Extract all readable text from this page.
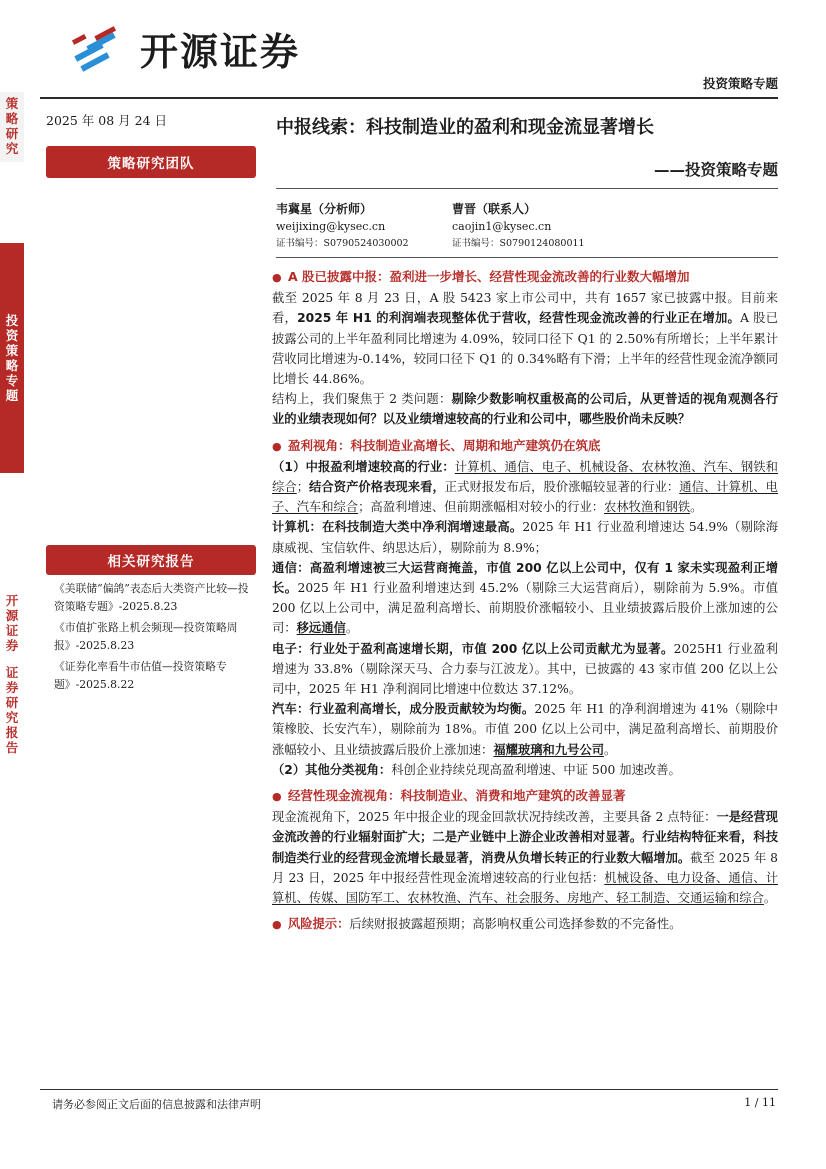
开源证券
投资策略专题
策
略
研
究
投
资
策
略
专
题
开
源
证
券
证
券
研
究
报
告
2025 年 08 月 24 日
策略研究团队
相关研究报告
《美联储“偏鸽”表态后大类资产比较—投资策略专题》-2025.8.23
《市值扩张路上机会频现—投资策略周报》-2025.8.23
《证券化率看牛市估值—投资策略专题》-2025.8.22
中报线索：科技制造业的盈利和现金流显著增长
——投资策略专题
韦冀星（分析师）
weijixing@kysec.cn
证书编号：S0790524030002
曹晋（联系人）
caojin1@kysec.cn
证书编号：S0790124080011
● A 股已披露中报：盈利进一步增长、经营性现金流改善的行业数大幅增加

截至 2025 年 8 月 23 日，A 股 5423 家上市公司中，共有 1657 家已披露中报。目前来看，2025 年 H1 的利润端表现整体优于营收，经营性现金流改善的行业正在增加。A 股已披露公司的上半年盈利同比增速为 4.09%，较同口径下 Q1 的 2.50%有所增长；上半年累计营收同比增速为-0.14%，较同口径下 Q1 的 0.34%略有下滑；上半年的经营性现金流净额同比增长 44.86%。

结构上，我们聚焦于 2 类问题：剔除少数影响权重极高的公司后，从更普适的视角观测各行业的业绩表现如何？以及业绩增速较高的行业和公司中，哪些股价尚未反映？

● 盈利视角：科技制造业高增长、周期和地产建筑仍在筑底

（1）中报盈利增速较高的行业：计算机、通信、电子、机械设备、农林牧渔、汽车、钢铁和综合；结合资产价格表现来看，正式财报发布后，股价涨幅较显著的行业：通信、计算机、电子、汽车和综合；高盈利增速、但前期涨幅相对较小的行业：农林牧渔和钢铁。

计算机：在科技制造大类中净利润增速最高。2025 年 H1 行业盈利增速达 54.9%（剔除海康威视、宝信软件、纳思达后），剔除前为 8.9%；

通信：高盈利增速被三大运营商掩盖，市值 200 亿以上公司中，仅有 1 家未实现盈利正增长。2025 年 H1 行业盈利增速达到 45.2%（剔除三大运营商后），剔除前为 5.9%。市值 200 亿以上公司中，满足盈利高增长、前期股价涨幅较小、且业绩披露后股价上涨加速的公司：移远通信。

电子：行业处于盈利高速增长期，市值 200 亿以上公司贡献尤为显著。2025H1 行业盈利增速为 33.8%（剔除深天马、合力泰与江波龙）。其中，已披露的 43 家市值 200 亿以上公司中，2025 年 H1 净利润同比增速中位数达 37.12%。

汽车：行业盈利高增长，成分股贡献较为均衡。2025 年 H1 的净利润增速为 41%（剔除中策橡胶、长安汽车），剔除前为 18%。市值 200 亿以上公司中，满足盈利高增长、前期股价涨幅较小、且业绩披露后股价上涨加速：福耀玻璃和九号公司。

（2）其他分类视角：科创企业持续兑现高盈利增速、中证 500 加速改善。

● 经营性现金流视角：科技制造业、消费和地产建筑的改善显著

现金流视角下，2025 年中报企业的现金回款状况持续改善，主要具备 2 点特征：一是经营现金流改善的行业辐射面扩大；二是产业链中上游企业改善相对显著。行业结构特征来看，科技制造类行业的经营现金流增长最显著，消费从负增长转正的行业数大幅增加。截至 2025 年 8 月 23 日，2025 年中报经营性现金流增速较高的行业包括：机械设备、电力设备、通信、计算机、传媒、国防军工、农林牧渔、汽车、社会服务、房地产、轻工制造、交通运输和综合。

● 风险提示：后续财报披露超预期；高影响权重公司选择参数的不完备性。

请务必参阅正文后面的信息披露和法律声明	1 / 11
